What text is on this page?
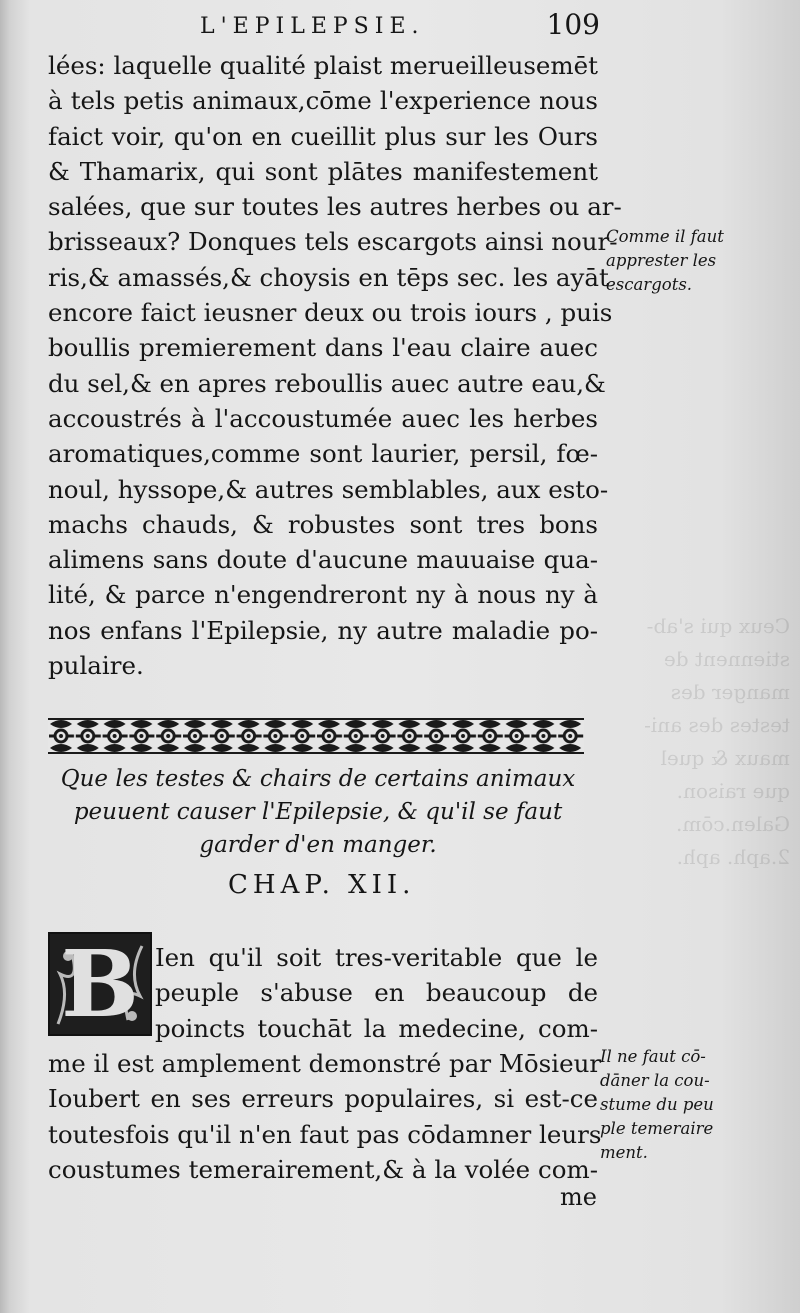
Ceux qui s'ab-
stiennent de
manger des
testes des ani-
maux & quel
que raison.
Galen.cōm.
2.aph. aph.
L'EPILEPSIE.	109
lées: laquelle qualité plaist merueilleusemēt
à tels petis animaux,cōme l'experience nous
faict voir, qu'on en cueillit plus sur les Ours
& Thamarix, qui sont plātes manifestement
salées, que sur toutes les autres herbes ou ar-
brisseaux? Donques tels escargots ainsi nour-
ris,& amassés,& choysis en tēps sec. les ayāt
encore faict ieusner deux ou trois iours , puis
boullis premierement dans l'eau claire auec
du sel,& en apres reboullis auec autre eau,&
accoustrés à l'accoustumée auec les herbes
aromatiques,comme sont laurier, persil, fœ-
noul, hyssope,& autres semblables, aux esto-
machs chauds, & robustes sont tres bons
alimens sans doute d'aucune mauuaise qua-
lité, & parce n'engendreront ny à nous ny à
nos enfans l'Epilepsie, ny autre maladie po-
pulaire.
Comme il faut
apprester les
escargots.
Que les testes & chairs de certains animaux
peuuent causer l'Epilepsie, & qu'il se faut
garder d'en manger.
CHAP. XII.
B Ien qu'il soit tres-veritable que le
peuple s'abuse en beaucoup de
poincts touchāt la medecine, com-
me il est amplement demonstré par Mōsieur
Ioubert en ses erreurs populaires, si est-ce
toutesfois qu'il n'en faut pas cōdamner leurs
coustumes temerairement,& à la volée com-
Il ne faut cō-
dāner la cou-
stume du peu
ple temeraire
ment.
me
